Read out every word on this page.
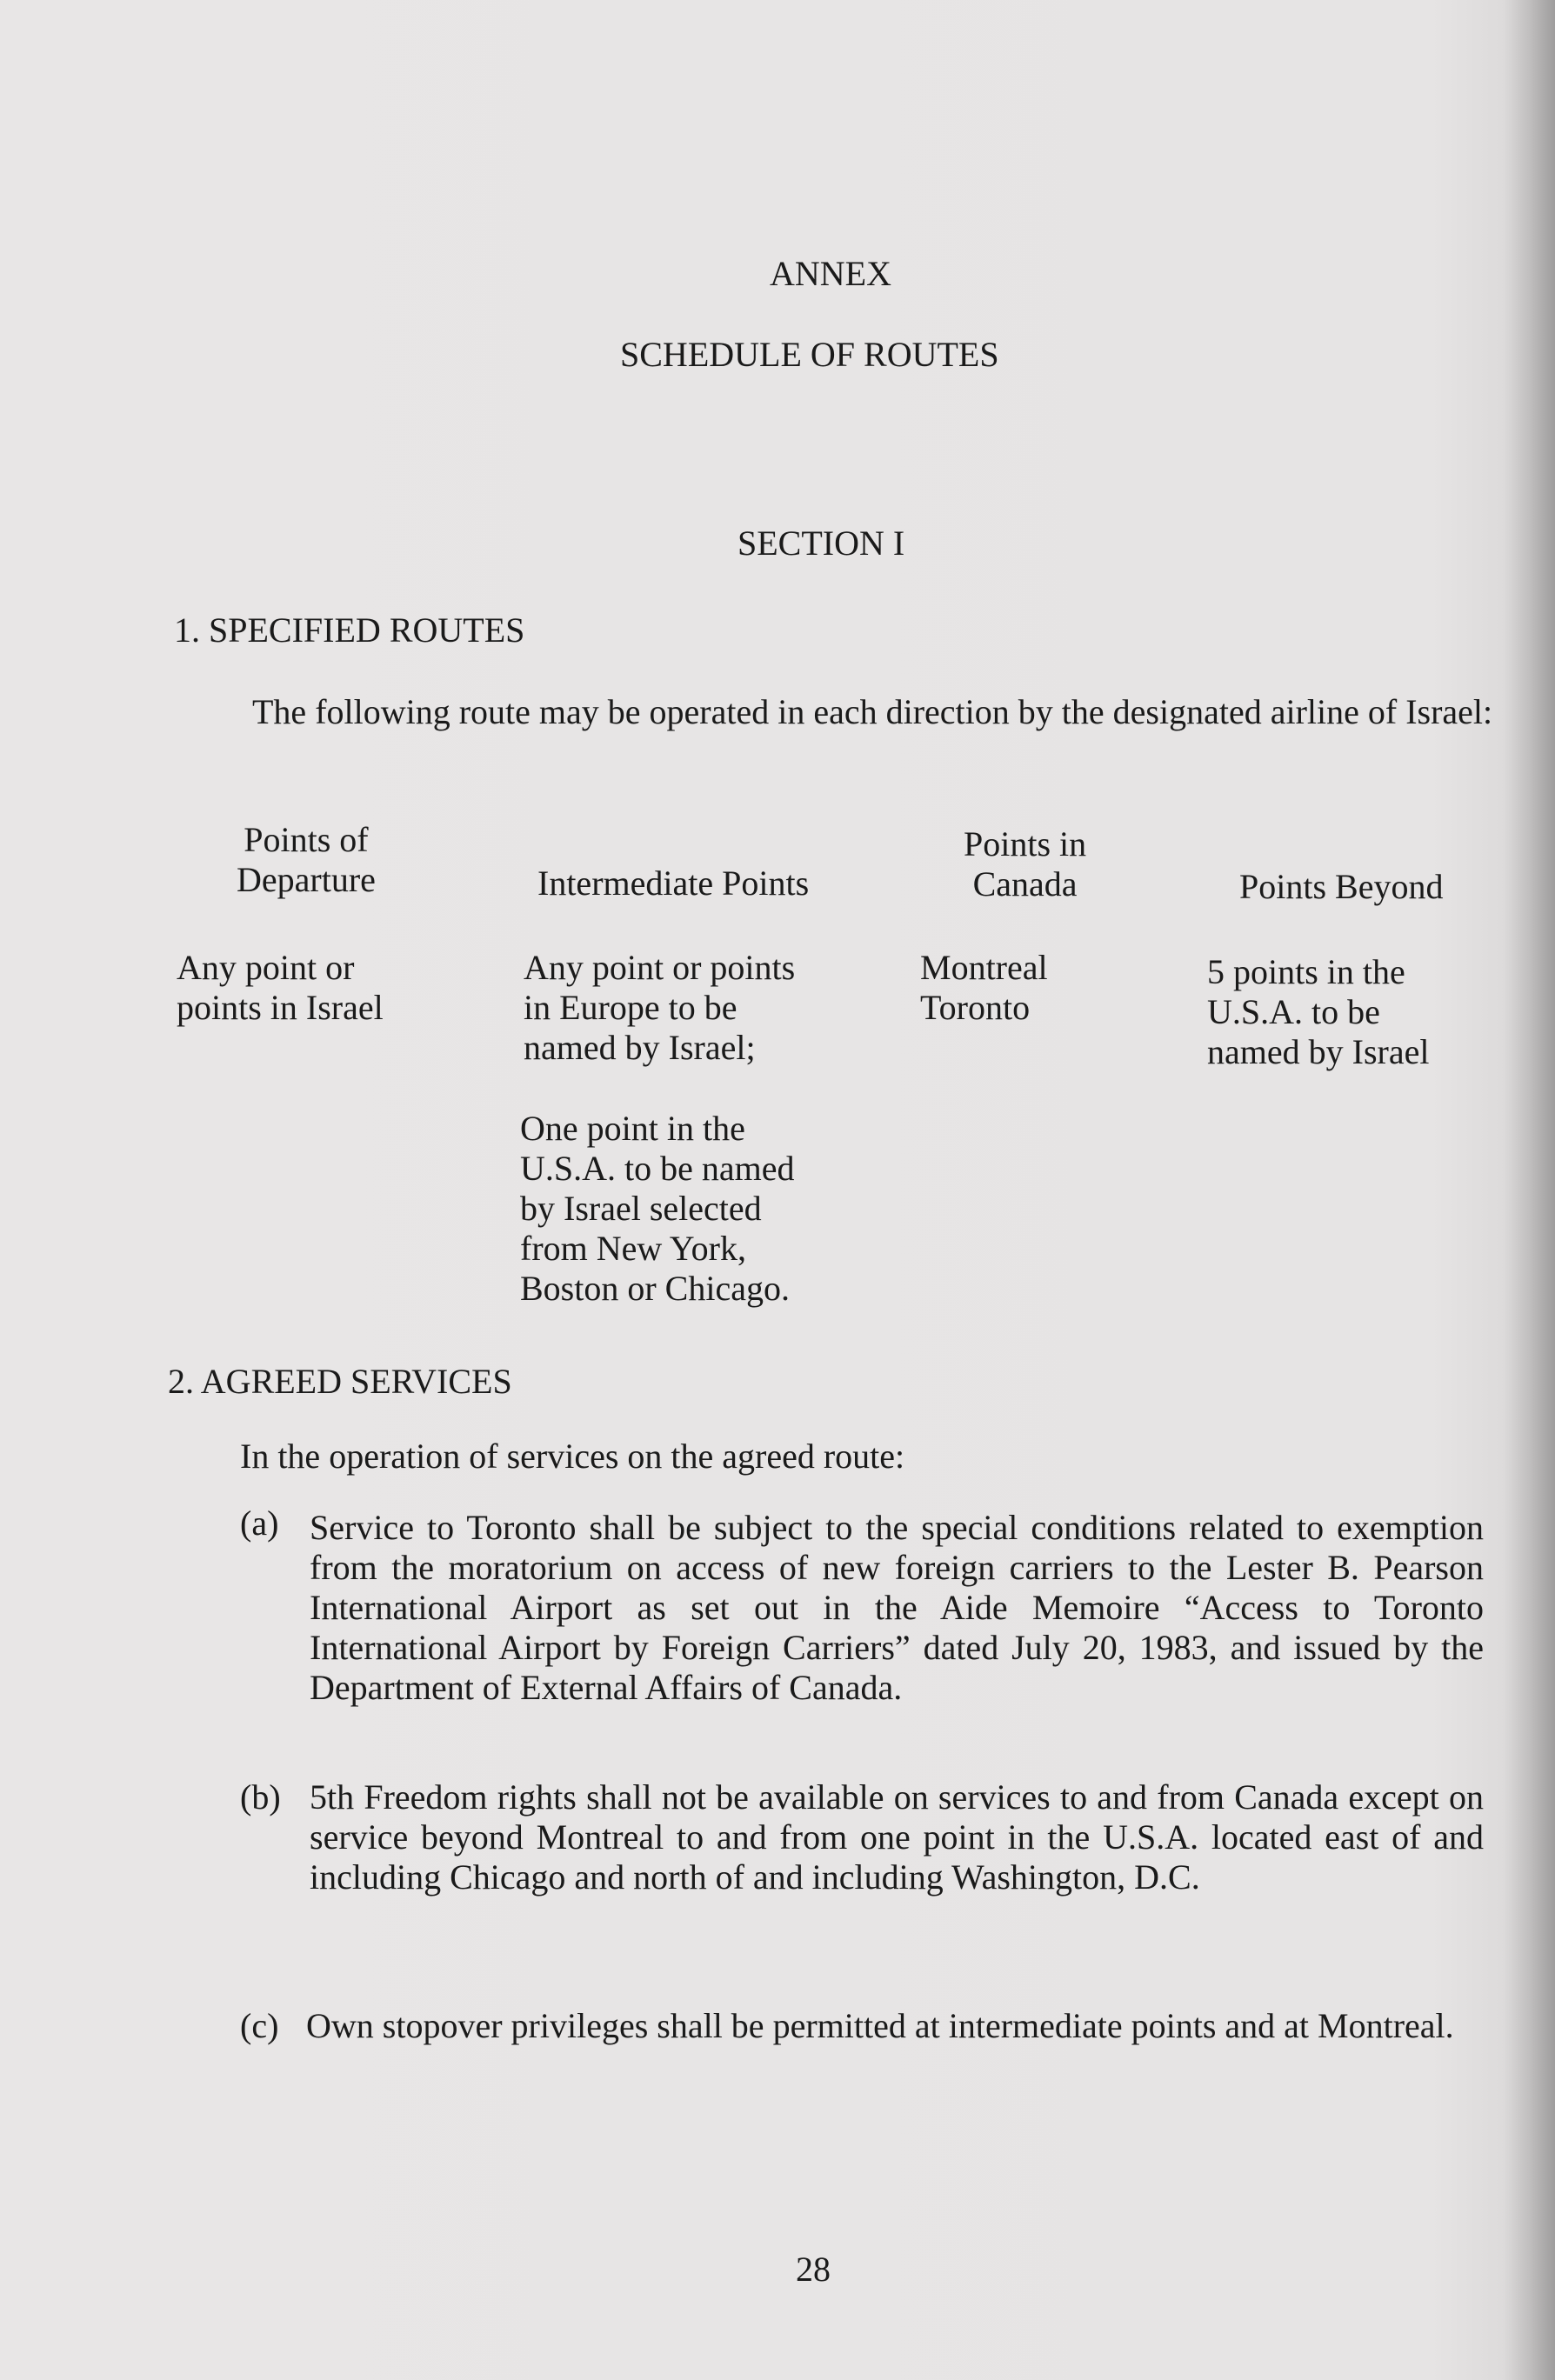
ANNEX
SCHEDULE OF ROUTES
SECTION I
1. SPECIFIED ROUTES
The following route may be operated in each direction by the designated airline of Israel:
Points of
Departure	Intermediate Points
Points in
Canada	Points Beyond
Any point or
points in Israel
Any point or points
in Europe to be
named by Israel;
Montreal
Toronto
5 points in the
U.S.A. to be
named by Israel
One point in the
U.S.A. to be named
by Israel selected
from New York,
Boston or Chicago.
2. AGREED SERVICES
In the operation of services on the agreed route:
(a) Service to Toronto shall be subject to the special conditions related to exemption from the moratorium on access of new foreign carriers to the Lester B. Pearson International Airport as set out in the Aide Memoire “Access to Toronto International Airport by Foreign Carriers” dated July 20, 1983, and issued by the Department of External Affairs of Canada.
(b) 5th Freedom rights shall not be available on services to and from Canada except on service beyond Montreal to and from one point in the U.S.A. located east of and including Chicago and north of and including Washington, D.C.
(c) Own stopover privileges shall be permitted at intermediate points and at Montreal.
28
